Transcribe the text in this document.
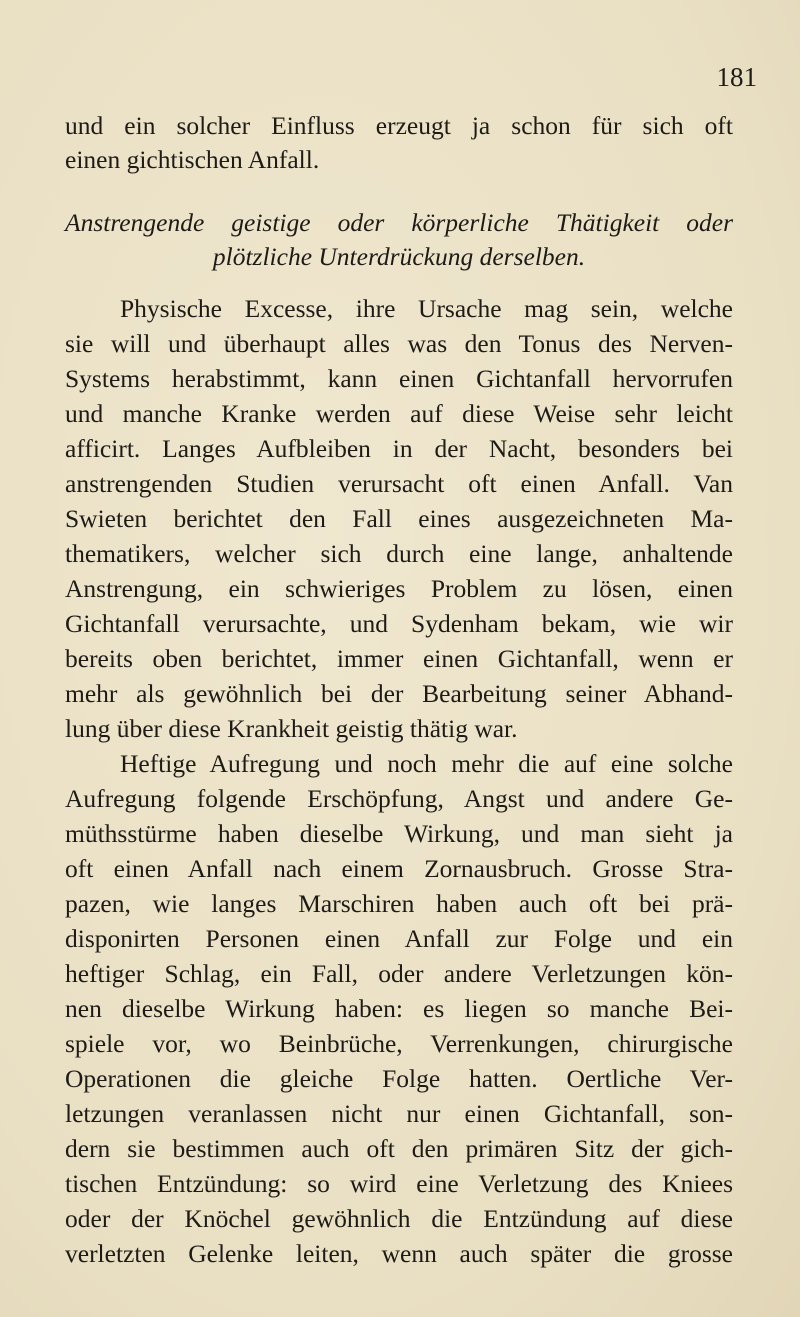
181
und ein solcher Einfluss erzeugt ja schon für sich oft
einen gichtischen Anfall.
Anstrengende geistige oder körperliche Thätigkeit oder
plötzliche Unterdrückung derselben.
Physische Excesse, ihre Ursache mag sein, welche
sie will und überhaupt alles was den Tonus des Nerven-
Systems herabstimmt, kann einen Gichtanfall hervorrufen
und manche Kranke werden auf diese Weise sehr leicht
afficirt. Langes Aufbleiben in der Nacht, besonders bei
anstrengenden Studien verursacht oft einen Anfall. Van
Swieten berichtet den Fall eines ausgezeichneten Ma-
thematikers, welcher sich durch eine lange, anhaltende
Anstrengung, ein schwieriges Problem zu lösen, einen
Gichtanfall verursachte, und Sydenham bekam, wie wir
bereits oben berichtet, immer einen Gichtanfall, wenn er
mehr als gewöhnlich bei der Bearbeitung seiner Abhand-
lung über diese Krankheit geistig thätig war.
Heftige Aufregung und noch mehr die auf eine solche
Aufregung folgende Erschöpfung, Angst und andere Ge-
müthsstürme haben dieselbe Wirkung, und man sieht ja
oft einen Anfall nach einem Zornausbruch. Grosse Stra-
pazen, wie langes Marschiren haben auch oft bei prä-
disponirten Personen einen Anfall zur Folge und ein
heftiger Schlag, ein Fall, oder andere Verletzungen kön-
nen dieselbe Wirkung haben: es liegen so manche Bei-
spiele vor, wo Beinbrüche, Verrenkungen, chirurgische
Operationen die gleiche Folge hatten. Oertliche Ver-
letzungen veranlassen nicht nur einen Gichtanfall, son-
dern sie bestimmen auch oft den primären Sitz der gich-
tischen Entzündung: so wird eine Verletzung des Kniees
oder der Knöchel gewöhnlich die Entzündung auf diese
verletzten Gelenke leiten, wenn auch später die grosse
